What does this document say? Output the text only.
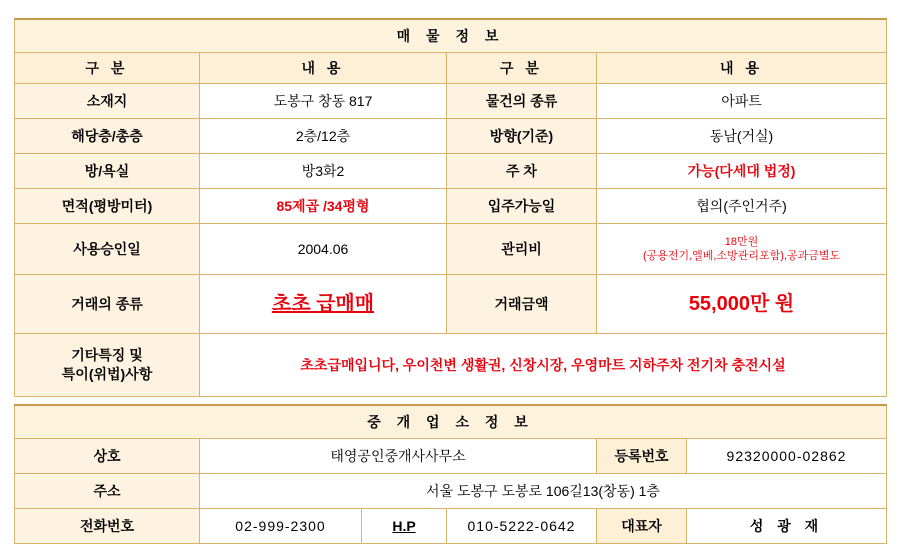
매 물 정 보			
구 분	내 용	구 분	내 용
소재지	도봉구 창동 817	물건의 종류	아파트
해당층/총층	2층/12층	방향(기준)	동남(거실)
방/욕실	방3화2	주 차	가능(다세대 법정)
면적(평방미터)	85제곱 /34평형	입주가능일	협의(주인거주)
사용승인일	2004.06	관리비	18만원
(공용전기,엘베,소방관리포함),공과금별도

거래의 종류	초초 급매매	거래금액	55,000만 원

기타특징 및
특이(위법)사항	초초급매입니다, 우이천변 생활권, 신창시장, 우영마트 지하주차 전기차 충전시설		
중 개 업 소 정 보					
상호	태영공인중개사사무소			등록번호	92320000-02862
주소	서울 도봉구 도봉로 106길13(창동) 1층				
전화번호	02-999-2300	H.P	010-5222-0642	대표자	성 광 재
